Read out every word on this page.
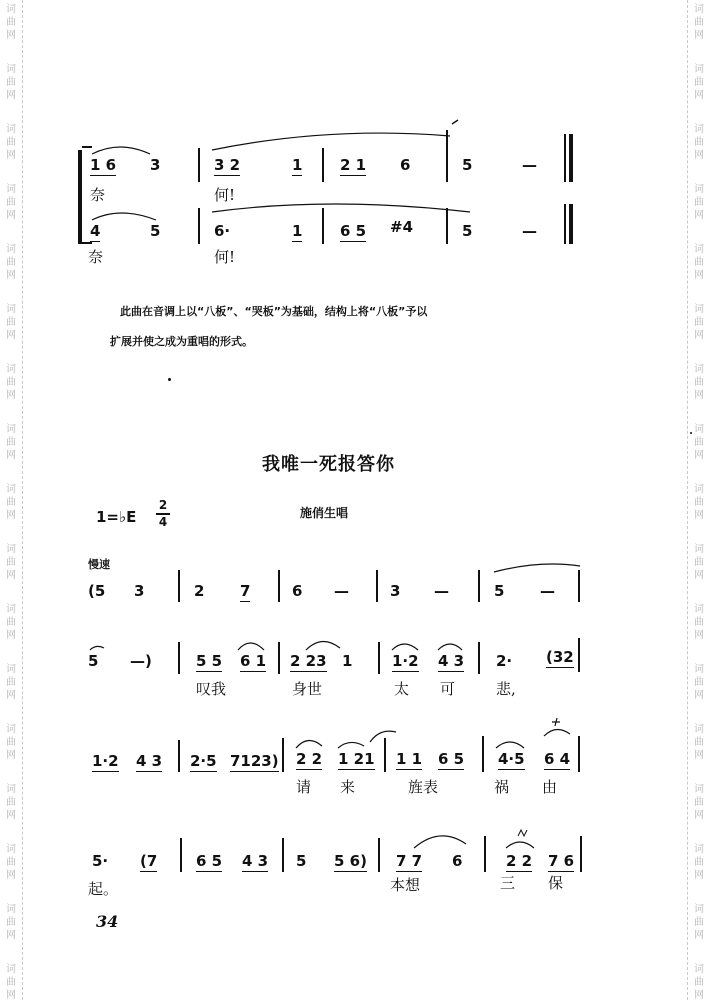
词
曲
网
词
曲
网
词
曲
网
词
曲
网
词
曲
网
词
曲
网
词
曲
网
词
曲
网
词
曲
网
词
曲
网
词
曲
网
词
曲
网
词
曲
网
词
曲
网
词
曲
网
词
曲
网
词
曲
网
词
曲
网
词
曲
网
词
曲
网
词
曲
网
词
曲
网
词
曲
网
词
曲
网
词
曲
网
词
曲
网
词
曲
网
词
曲
网
词
曲
网
词
曲
网
词
曲
网
词
曲
网
词
曲
网
词
曲
网
1 6 3	3 2	1	2 1 6	5	—
奈	何!
4	5	6·	1	6 5 #4	5	—
奈	何!
此曲在音调上以“八板”、“哭板”为基础，结构上将“八板”予以
扩展并使之成为重唱的形式。
我唯一死报答你
1=♭E
2
4
施俏生唱
慢速
(5 3	2 7	6 —	3 —	5 —
5 —)	5 5 6 1 2 23 1	1·2 4 3 2· (32
叹我	身世	太 可	悲,
1·2 4 3 2·5 7123) 2 2 1 21 1 1 6 5 4·5 6 4
请 来	旌表	祸 由
5· (7	6 5 4 3 5 5 6) 7 7 6	2 2 7 6
起。	本想	三 保
34
